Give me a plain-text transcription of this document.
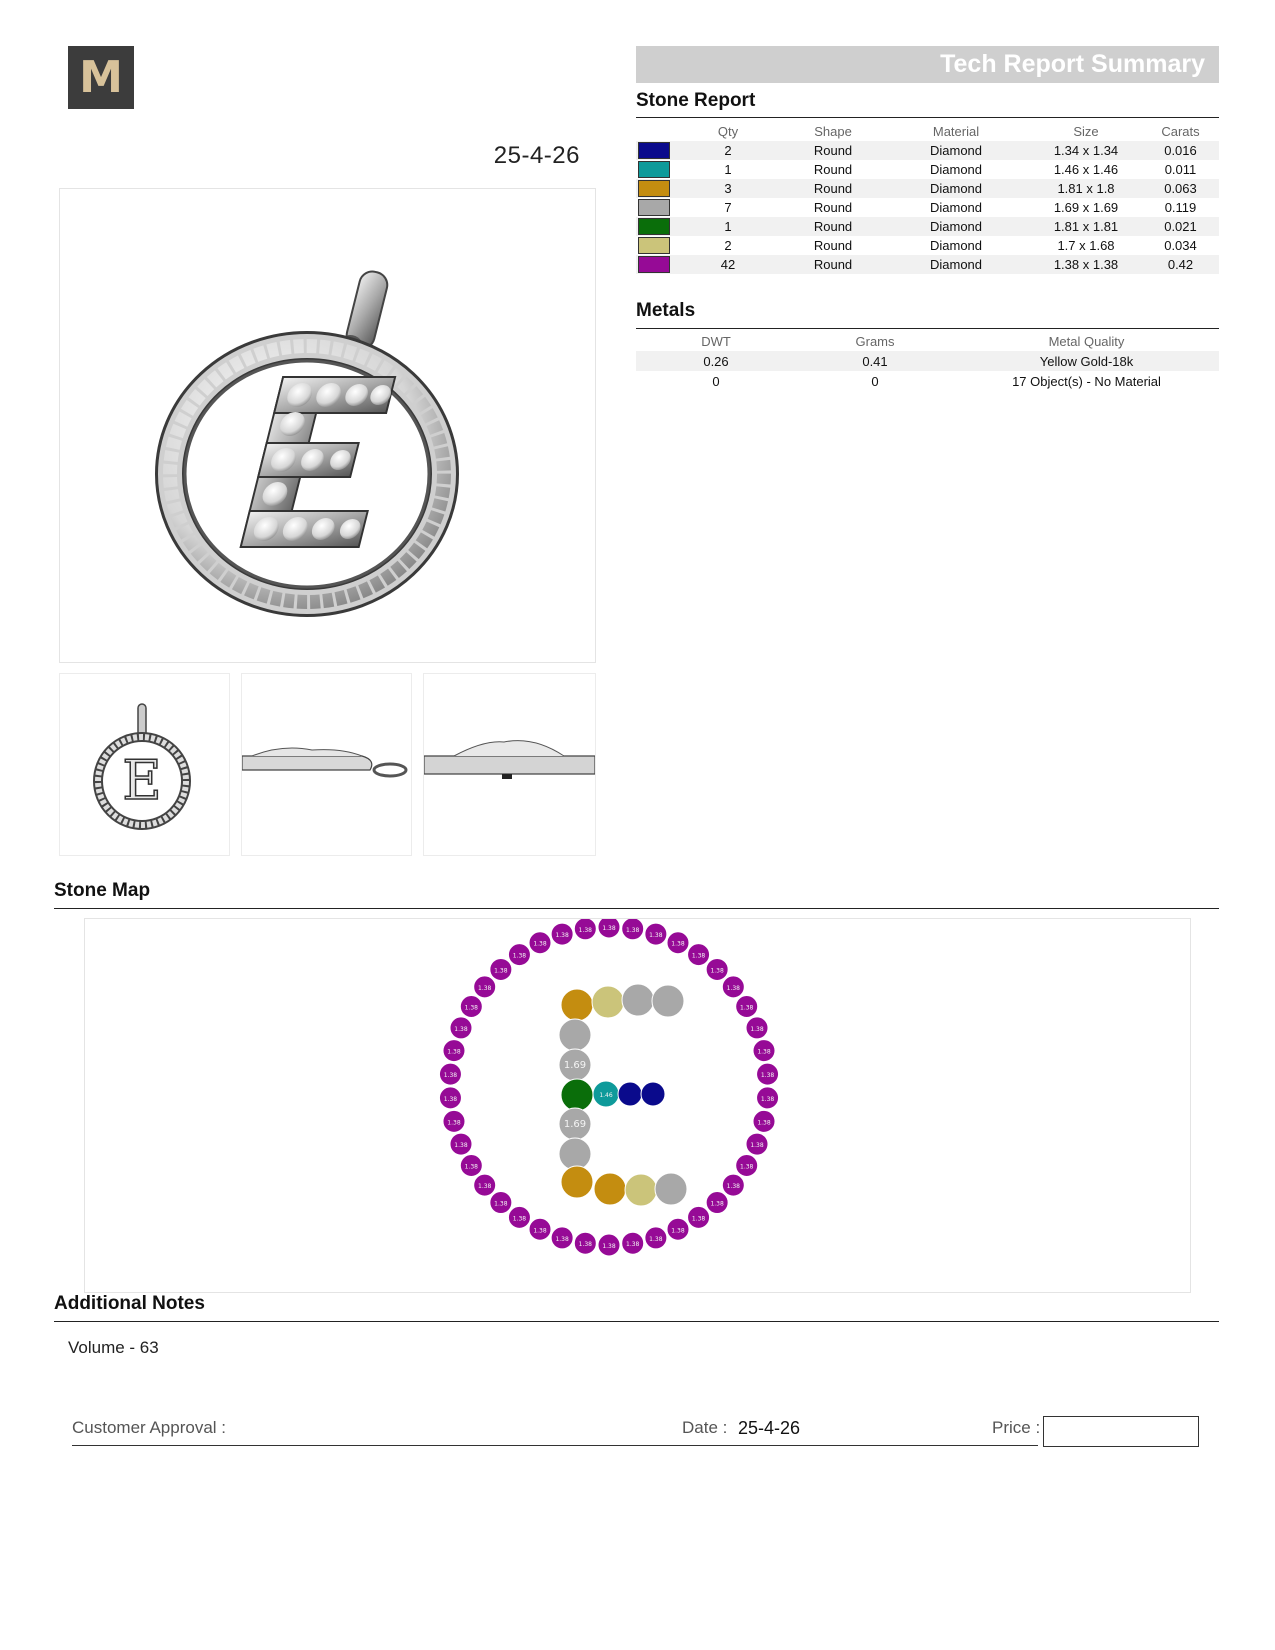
M
25-4-26
E
Tech Report Summary
Stone Report
	Qty	Shape	Material	Size	Carats
	2	Round	Diamond	1.34 x 1.34	0.016
	1	Round	Diamond	1.46 x 1.46	0.011
	3	Round	Diamond	1.81 x 1.8	0.063
	7	Round	Diamond	1.69 x 1.69	0.119
	1	Round	Diamond	1.81 x 1.81	0.021
	2	Round	Diamond	1.7 x 1.68	0.034
	42	Round	Diamond	1.38 x 1.38	0.42
Metals
DWT	Grams	Metal Quality
0.26	0.41	Yellow Gold-18k
0	0	17 Object(s) - No Material
Stone Map
1.38 1.38
1.38
1.38
1.38
1.38
1.38
1.38
1.38
1.38
1.38
1.38
1.38
1.38
1.38
1.38
1.38
1.38
1.38
1.38
1.38
1.38
1.38
1.38
1.38
1.38
1.38
1.38
1.38
1.38
1.38
1.38
1.38
1.38
1.38
1.38
1.38
1.38
1.38
1.38
1.38
1.38
1.69
1.46
1.69
Additional Notes
Volume - 63
Customer Approval :	Date : 25-4-26	Price :
